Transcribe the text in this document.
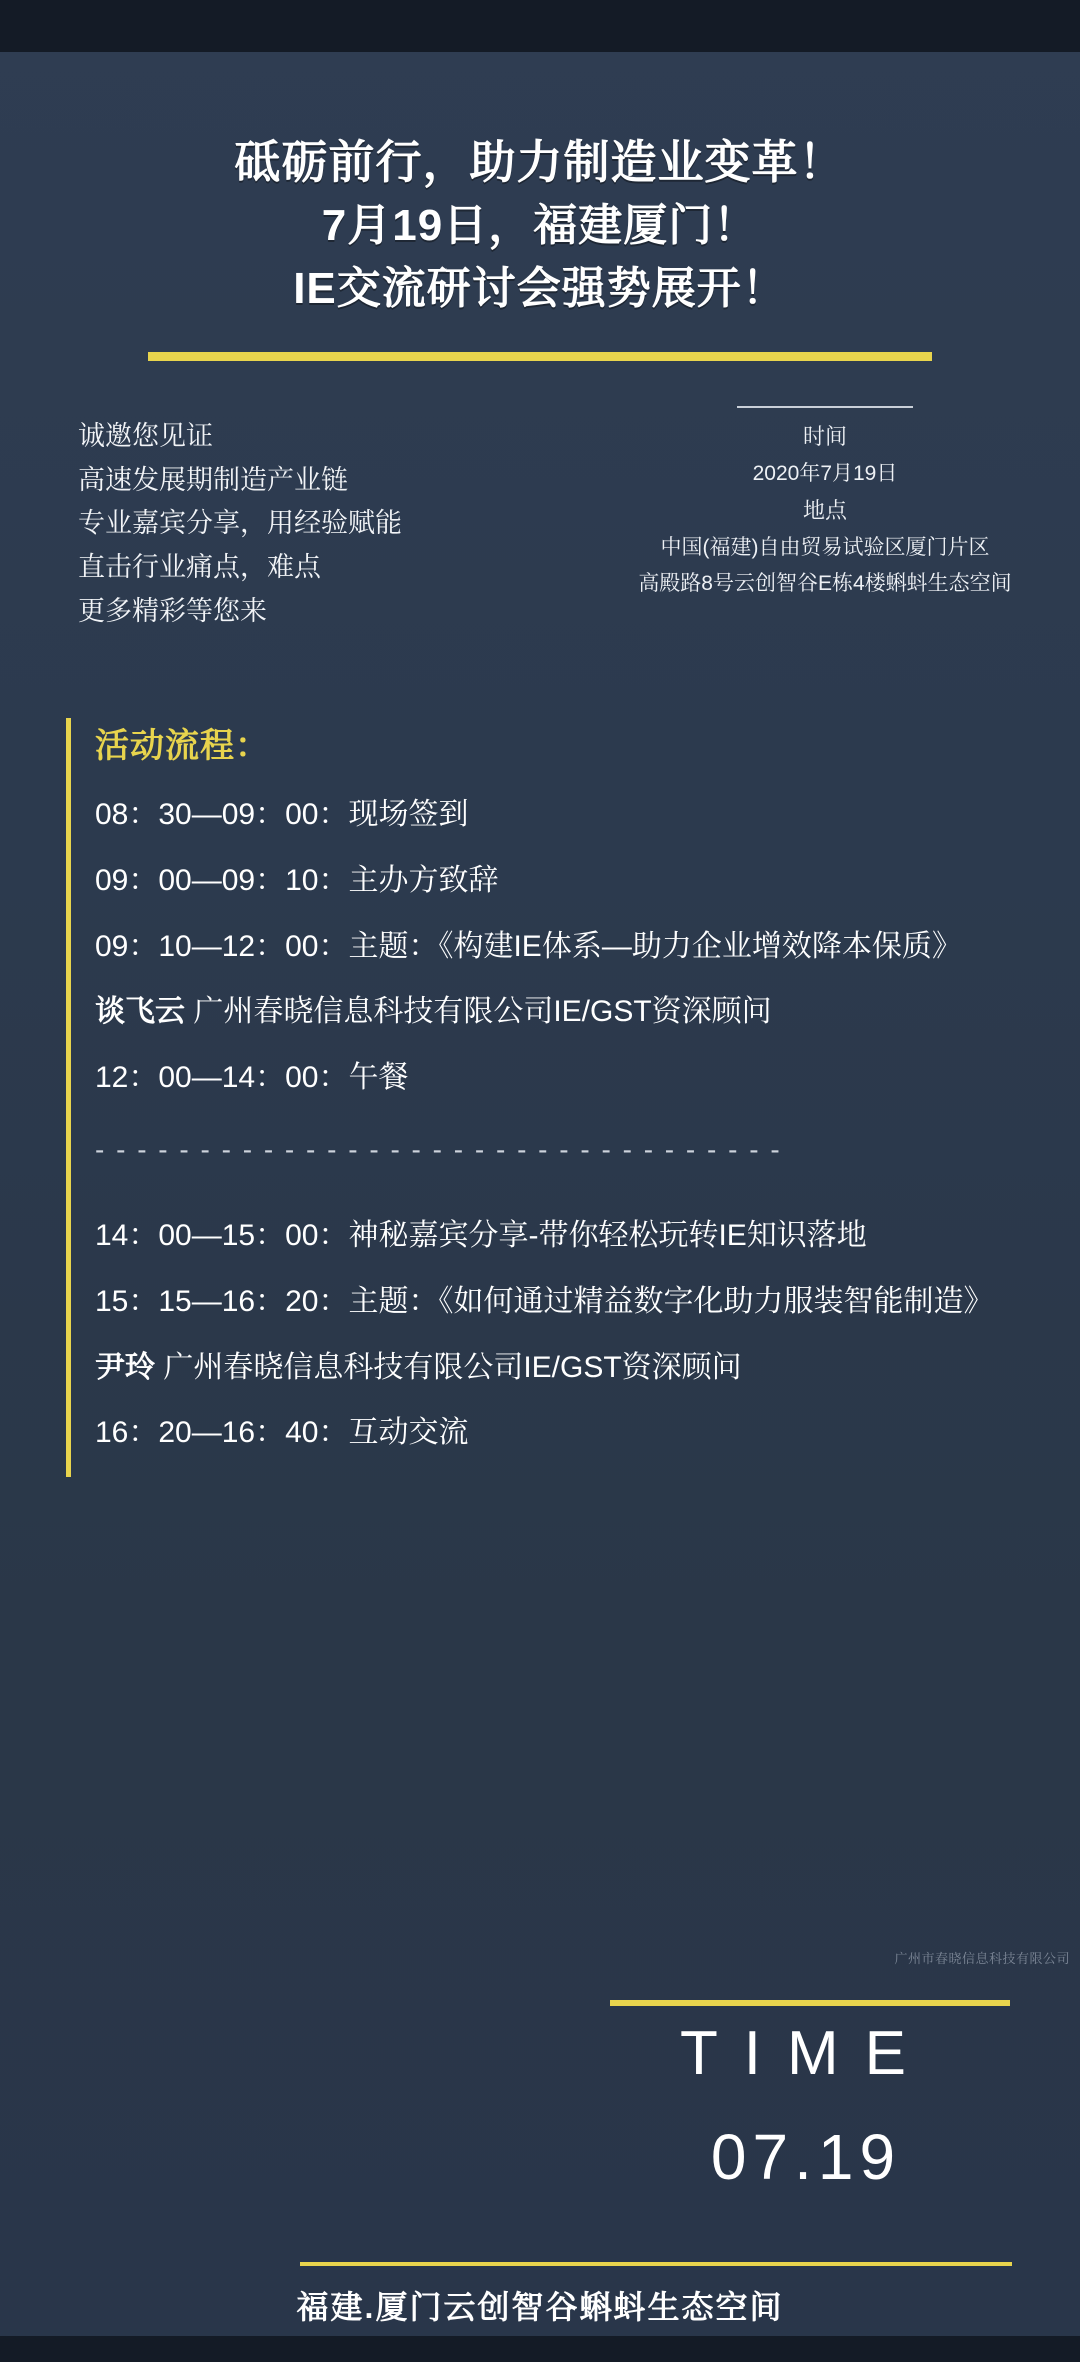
砥砺前行，助力制造业变革！
7月19日，福建厦门！
IE交流研讨会强势展开！
诚邀您见证
高速发展期制造产业链
专业嘉宾分享，用经验赋能
直击行业痛点，难点
更多精彩等您来
时间
2020年7月19日
地点
中国(福建)自由贸易试验区厦门片区
高殿路8号云创智谷E栋4楼蝌蚪生态空间
活动流程：
08：30—09：00：现场签到
09：00—09：10：主办方致辞
09：10—12：00：主题：《构建IE体系—助力企业增效降本保质》
谈飞云 广州春晓信息科技有限公司IE/GST资深顾问
12：00—14：00：午餐
- - - - - - - - - - - - - - - - - - - - - - - - - - - - - - - - -
14：00—15：00：神秘嘉宾分享-带你轻松玩转IE知识落地
15：15—16：20：主题：《如何通过精益数字化助力服装智能制造》
尹玲 广州春晓信息科技有限公司IE/GST资深顾问
16：20—16：40：互动交流
广州市春晓信息科技有限公司
TIME
07.19
福建.厦门云创智谷蝌蚪生态空间
